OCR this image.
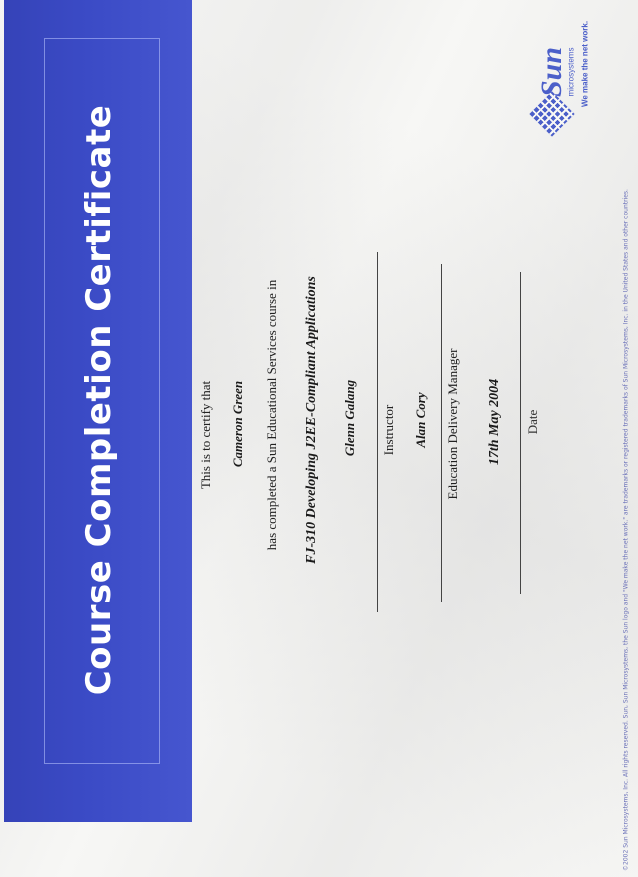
Course Completion Certificate	This is to certify that Cameron Green has completed a Sun Educational Services course in FJ-310 Developing J2EE-Compliant Applications Glenn Galang Instructor Alan Cory Education Delivery Manager 17th May 2004 Date
Sun
microsystems We make the net work.
©2002 Sun Microsystems, Inc. All rights reserved. Sun, Sun Microsystems, the Sun logo and "We make the net work." are trademarks or registered trademarks of Sun Microsystems, Inc. in the United States and other countries.
